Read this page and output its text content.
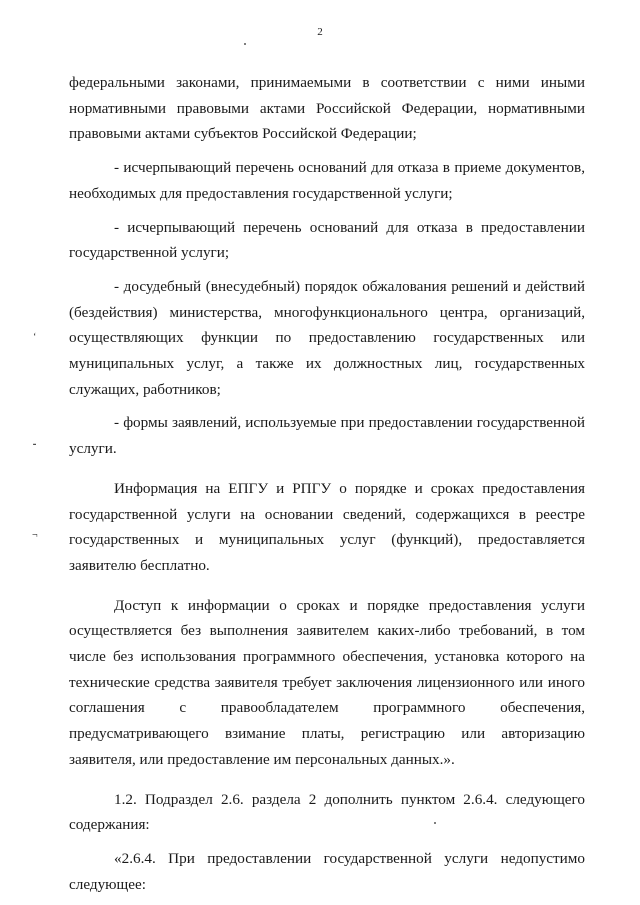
2

федеральными законами, принимаемыми в соответствии с ними иными нормативными правовыми актами Российской Федерации, нормативными правовыми актами субъектов Российской Федерации;

- исчерпывающий перечень оснований для отказа в приеме документов, необходимых для предоставления государственной услуги;

- исчерпывающий перечень оснований для отказа в предоставлении государственной услуги;

- досудебный (внесудебный) порядок обжалования решений и действий (бездействия) министерства, многофункционального центра, организаций, осуществляющих функции по предоставлению государственных или муниципальных услуг, а также их должностных лиц, государственных служащих, работников;

- формы заявлений, используемые при предоставлении государственной услуги.

Информация на ЕПГУ и РПГУ о порядке и сроках предоставления государственной услуги на основании сведений, содержащихся в реестре государственных и муниципальных услуг (функций), предоставляется заявителю бесплатно.

Доступ к информации о сроках и порядке предоставления услуги осуществляется без выполнения заявителем каких-либо требований, в том числе без использования программного обеспечения, установка которого на технические средства заявителя требует заключения лицензионного или иного соглашения с правообладателем программного обеспечения, предусматривающего взимание платы, регистрацию или авторизацию заявителя, или предоставление им персональных данных.».

1.2. Подраздел 2.6. раздела 2 дополнить пунктом 2.6.4. следующего содержания:

«2.6.4. При предоставлении государственной услуги недопустимо следующее:

‘
⁃
¬
